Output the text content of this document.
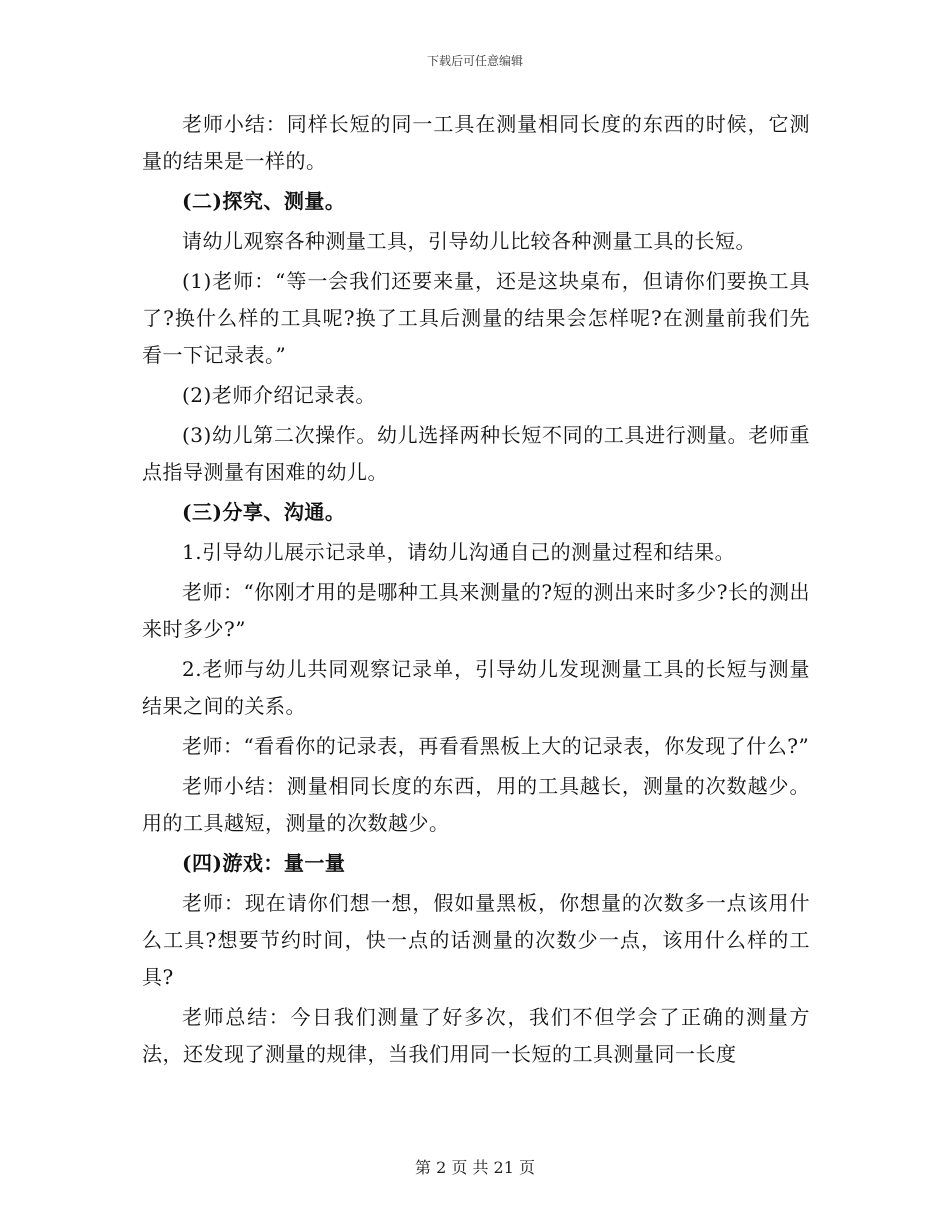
下载后可任意编辑

老师小结：同样长短的同一工具在测量相同长度的东西的时候，它测量的结果是一样的。

(二)探究、测量。

请幼儿观察各种测量工具，引导幼儿比较各种测量工具的长短。

(1)老师：“等一会我们还要来量，还是这块桌布，但请你们要换工具了?换什么样的工具呢?换了工具后测量的结果会怎样呢?在测量前我们先看一下记录表。”

(2)老师介绍记录表。

(3)幼儿第二次操作。幼儿选择两种长短不同的工具进行测量。老师重点指导测量有困难的幼儿。

(三)分享、沟通。

1.引导幼儿展示记录单，请幼儿沟通自己的测量过程和结果。

老师：“你刚才用的是哪种工具来测量的?短的测出来时多少?长的测出来时多少?”

2.老师与幼儿共同观察记录单，引导幼儿发现测量工具的长短与测量结果之间的关系。

老师：“看看你的记录表，再看看黑板上大的记录表，你发现了什么?”

老师小结：测量相同长度的东西，用的工具越长，测量的次数越少。用的工具越短，测量的次数越少。

(四)游戏：量一量

老师：现在请你们想一想，假如量黑板，你想量的次数多一点该用什么工具?想要节约时间，快一点的话测量的次数少一点，该用什么样的工具?

老师总结：今日我们测量了好多次，我们不但学会了正确的测量方法，还发现了测量的规律，当我们用同一长短的工具测量同一长度

第 2 页 共 21 页
